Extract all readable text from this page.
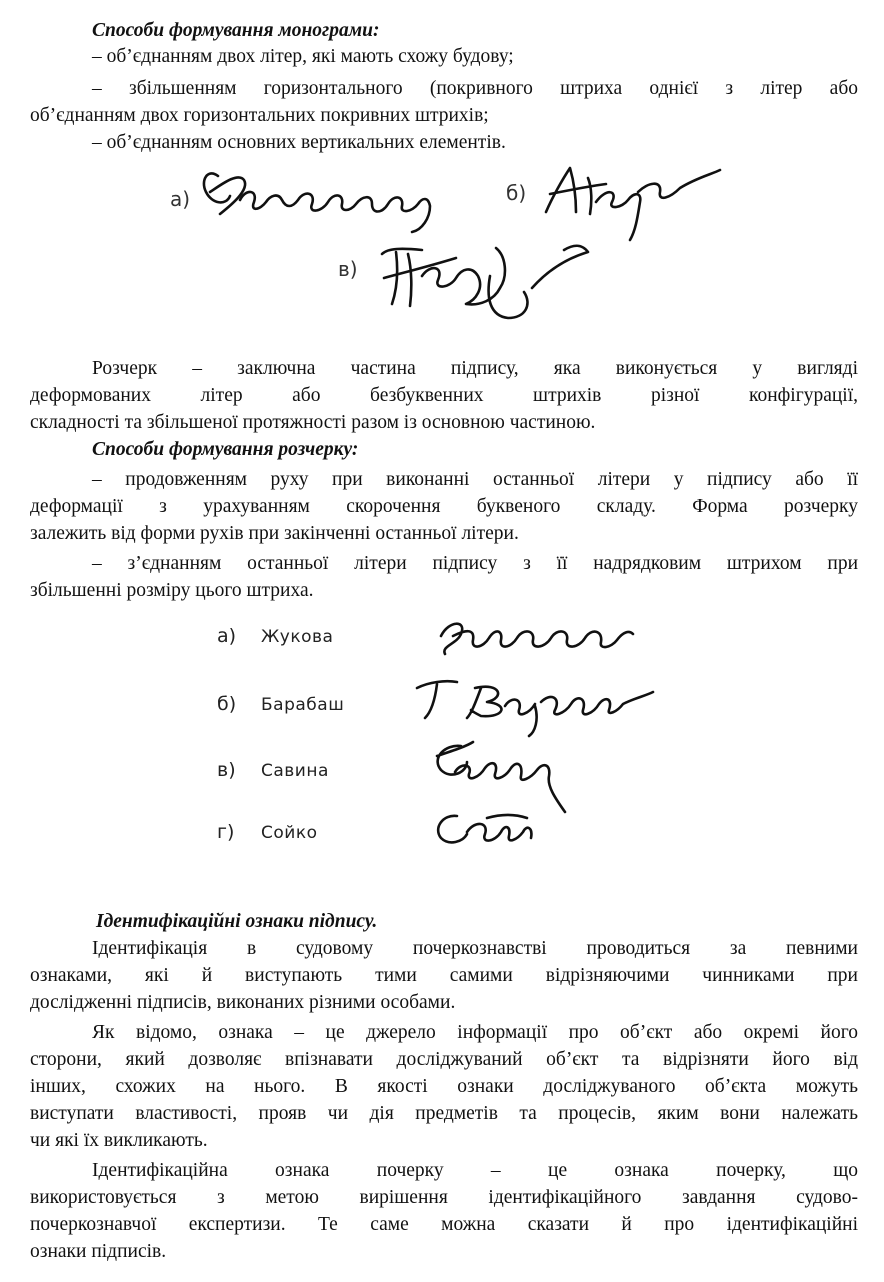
Способи формування монограми:
– об’єднанням двох літер, які мають схожу будову;
– збільшенням горизонтального (покривного штриха однієї з літер або
об’єднанням двох горизонтальних покривних штрихів;
– об’єднанням основних вертикальних елементів.
а)	б)
в)
Розчерк – заключна частина підпису, яка виконується у вигляді
деформованих літер або безбуквенних штрихів різної конфігурації,
складності та збільшеної протяжності разом із основною частиною.
Способи формування розчерку:
– продовженням руху при виконанні останньої літери у підпису або її
деформації з урахуванням скорочення буквеного складу. Форма розчерку
залежить від форми рухів при закінченні останньої літери.
– з’єднанням останньої літери підпису з її надрядковим штрихом при
збільшенні розміру цього штриха.
а) Жукова
б) Барабаш
в) Савина
г) Сойко
Ідентифікаційні ознаки підпису.
Ідентифікація в судовому почеркознавстві проводиться за певними
ознаками, які й виступають тими самими відрізняючими чинниками при
дослідженні підписів, виконаних різними особами.
Як відомо, ознака – це джерело інформації про об’єкт або окремі його
сторони, який дозволяє впізнавати досліджуваний об’єкт та відрізняти його від
інших, схожих на нього. В якості ознаки досліджуваного об’єкта можуть
виступати властивості, прояв чи дія предметів та процесів, яким вони належать
чи які їх викликають.
Ідентифікаційна ознака почерку – це ознака почерку, що
використовується з метою вирішення ідентифікаційного завдання судово-
почеркознавчої експертизи. Те саме можна сказати й про ідентифікаційні
ознаки підписів.
